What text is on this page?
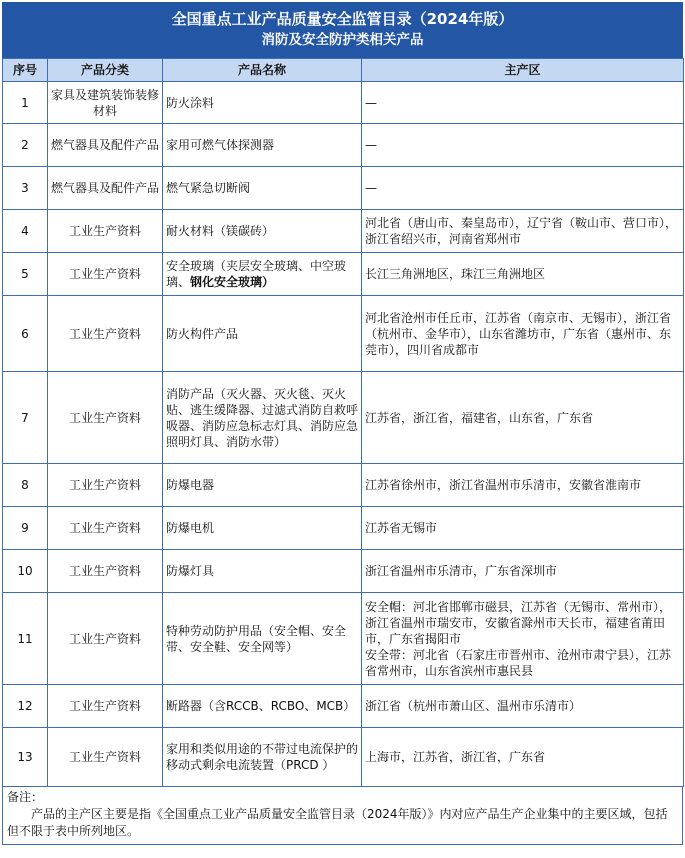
全国重点工业产品质量安全监管目录（2024年版）
消防及安全防护类相关产品
序号	产品分类	产品名称	主产区
1	家具及建筑装饰装修材料	防火涂料	—
2	燃气器具及配件产品	家用可燃气体探测器	—
3	燃气器具及配件产品	燃气紧急切断阀	—
4	工业生产资料	耐火材料（镁碳砖）	河北省（唐山市、秦皇岛市），辽宁省（鞍山市、营口市），浙江省绍兴市，河南省郑州市
5	工业生产资料	安全玻璃（夹层安全玻璃、中空玻璃、钢化安全玻璃）	长江三角洲地区，珠江三角洲地区
6	工业生产资料	防火构件产品	河北省沧州市任丘市，江苏省（南京市、无锡市），浙江省（杭州市、金华市），山东省潍坊市，广东省（惠州市、东莞市），四川省成都市
7	工业生产资料	消防产品（灭火器、灭火毯、灭火贴、逃生缓降器、过滤式消防自救呼吸器、消防应急标志灯具、消防应急照明灯具、消防水带）	江苏省，浙江省，福建省，山东省，广东省
8	工业生产资料	防爆电器	江苏省徐州市，浙江省温州市乐清市，安徽省淮南市
9	工业生产资料	防爆电机	江苏省无锡市
10	工业生产资料	防爆灯具	浙江省温州市乐清市，广东省深圳市
11	工业生产资料	特种劳动防护用品（安全帽、安全带、安全鞋、安全网等）	安全帽：河北省邯郸市磁县，江苏省（无锡市、常州市），浙江省温州市瑞安市，安徽省滁州市天长市，福建省莆田市，广东省揭阳市
安全带：河北省（石家庄市晋州市、沧州市肃宁县），江苏省常州市，山东省滨州市惠民县

12	工业生产资料	断路器（含RCCB、RCBO、MCB）	浙江省（杭州市萧山区、温州市乐清市）
13	工业生产资料	家用和类似用途的不带过电流保护的移动式剩余电流装置（PRCD ）	上海市，江苏省，浙江省，广东省
备注：
产品的主产区主要是指《全国重点工业产品质量安全监管目录（2024年版）》内对应产品生产企业集中的主要区域，包括但不限于表中所列地区。
